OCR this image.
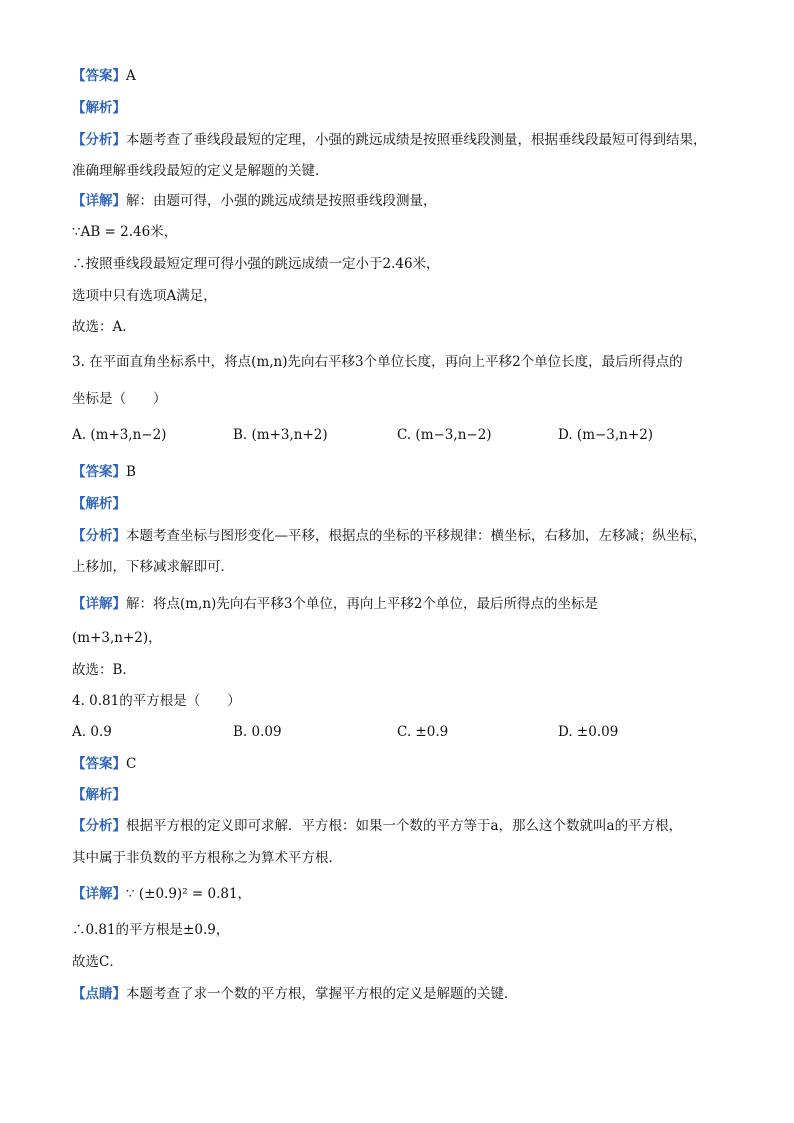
【答案】A
【解析】
【分析】本题考查了垂线段最短的定理，小强的跳远成绩是按照垂线段测量，根据垂线段最短可得到结果，
准确理解垂线段最短的定义是解题的关键．
【详解】解：由题可得，小强的跳远成绩是按照垂线段测量，
∵AB = 2.46米，
∴按照垂线段最短定理可得小强的跳远成绩一定小于2.46米，
选项中只有选项A满足，
故选：A．
3. 在平面直角坐标系中，将点(m,n)先向右平移3个单位长度，再向上平移2个单位长度，最后所得点的
坐标是（　　）
A. (m+3,n−2)	B. (m+3,n+2)	C. (m−3,n−2)	D. (m−3,n+2)
【答案】B
【解析】
【分析】本题考查坐标与图形变化—平移，根据点的坐标的平移规律：横坐标，右移加，左移减；纵坐标，
上移加，下移减求解即可．
【详解】解：将点(m,n)先向右平移3个单位，再向上平移2个单位，最后所得点的坐标是
(m+3,n+2)，
故选：B．
4. 0.81的平方根是（　　）
A. 0.9	B. 0.09	C. ±0.9	D. ±0.09
【答案】C
【解析】
【分析】根据平方根的定义即可求解．平方根：如果一个数的平方等于a，那么这个数就叫a的平方根，
其中属于非负数的平方根称之为算术平方根．
【详解】∵ (±0.9)² = 0.81，
∴0.81的平方根是±0.9，
故选C．
【点睛】本题考查了求一个数的平方根，掌握平方根的定义是解题的关键．
